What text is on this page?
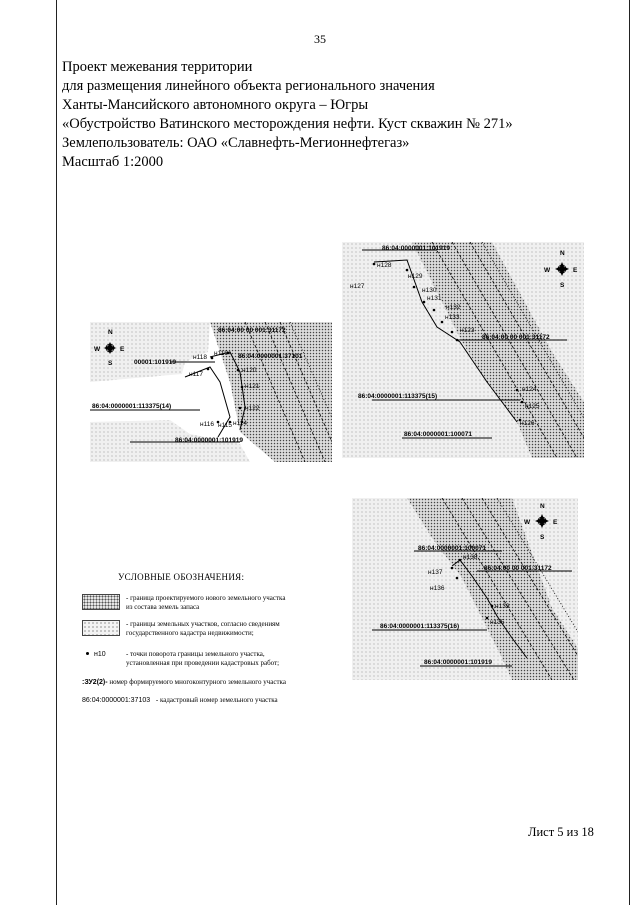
35
Проект межевания территории
для размещения линейного объекта регионального значения
Ханты-Мансийского автономного округа – Югры
«Обустройство Ватинского месторождения нефти. Куст скважин № 271»
Землепользователь: ОАО «Славнефть-Мегионнефтегаз»
Масштаб 1:2000
N
S
W	E
86:04:00 00 001:31172
00001:101919
86:04:0000001:37101
86:04:0000001:113375(14)
86:04:0000001:101919
н118
н119
н117
н120
н121
н122
н116 н115 н114
N
S
W	E
86:04:0000001:101919
86:04:00 00 001:31172
86:04:0000001:113375(15)
86:04:0000001:100071
н128
н127
н129
н130
н131
н132
н133
н123
н124
н125
н126
N
S
W	E
86:04:0000001:100071
86:04:00 00 001:31172
86:04:0000001:113375(16)
86:04:0000001:101919
н138
н137
н136
н139
н135
УСЛОВНЫЕ ОБОЗНАЧЕНИЯ:
- граница проектируемого нового земельного участка
из состава земель запаса
- границы земельных участков, согласно сведениям
государственного кадастра недвижимости;
н10	- точки поворота границы земельного участка,
установленная при проведении кадастровых работ;
:ЗУ2(2)- номер формируемого многоконтурного земельного участка
86:04:0000001:37103 - кадастровый номер земельного участка
Лист 5 из 18
